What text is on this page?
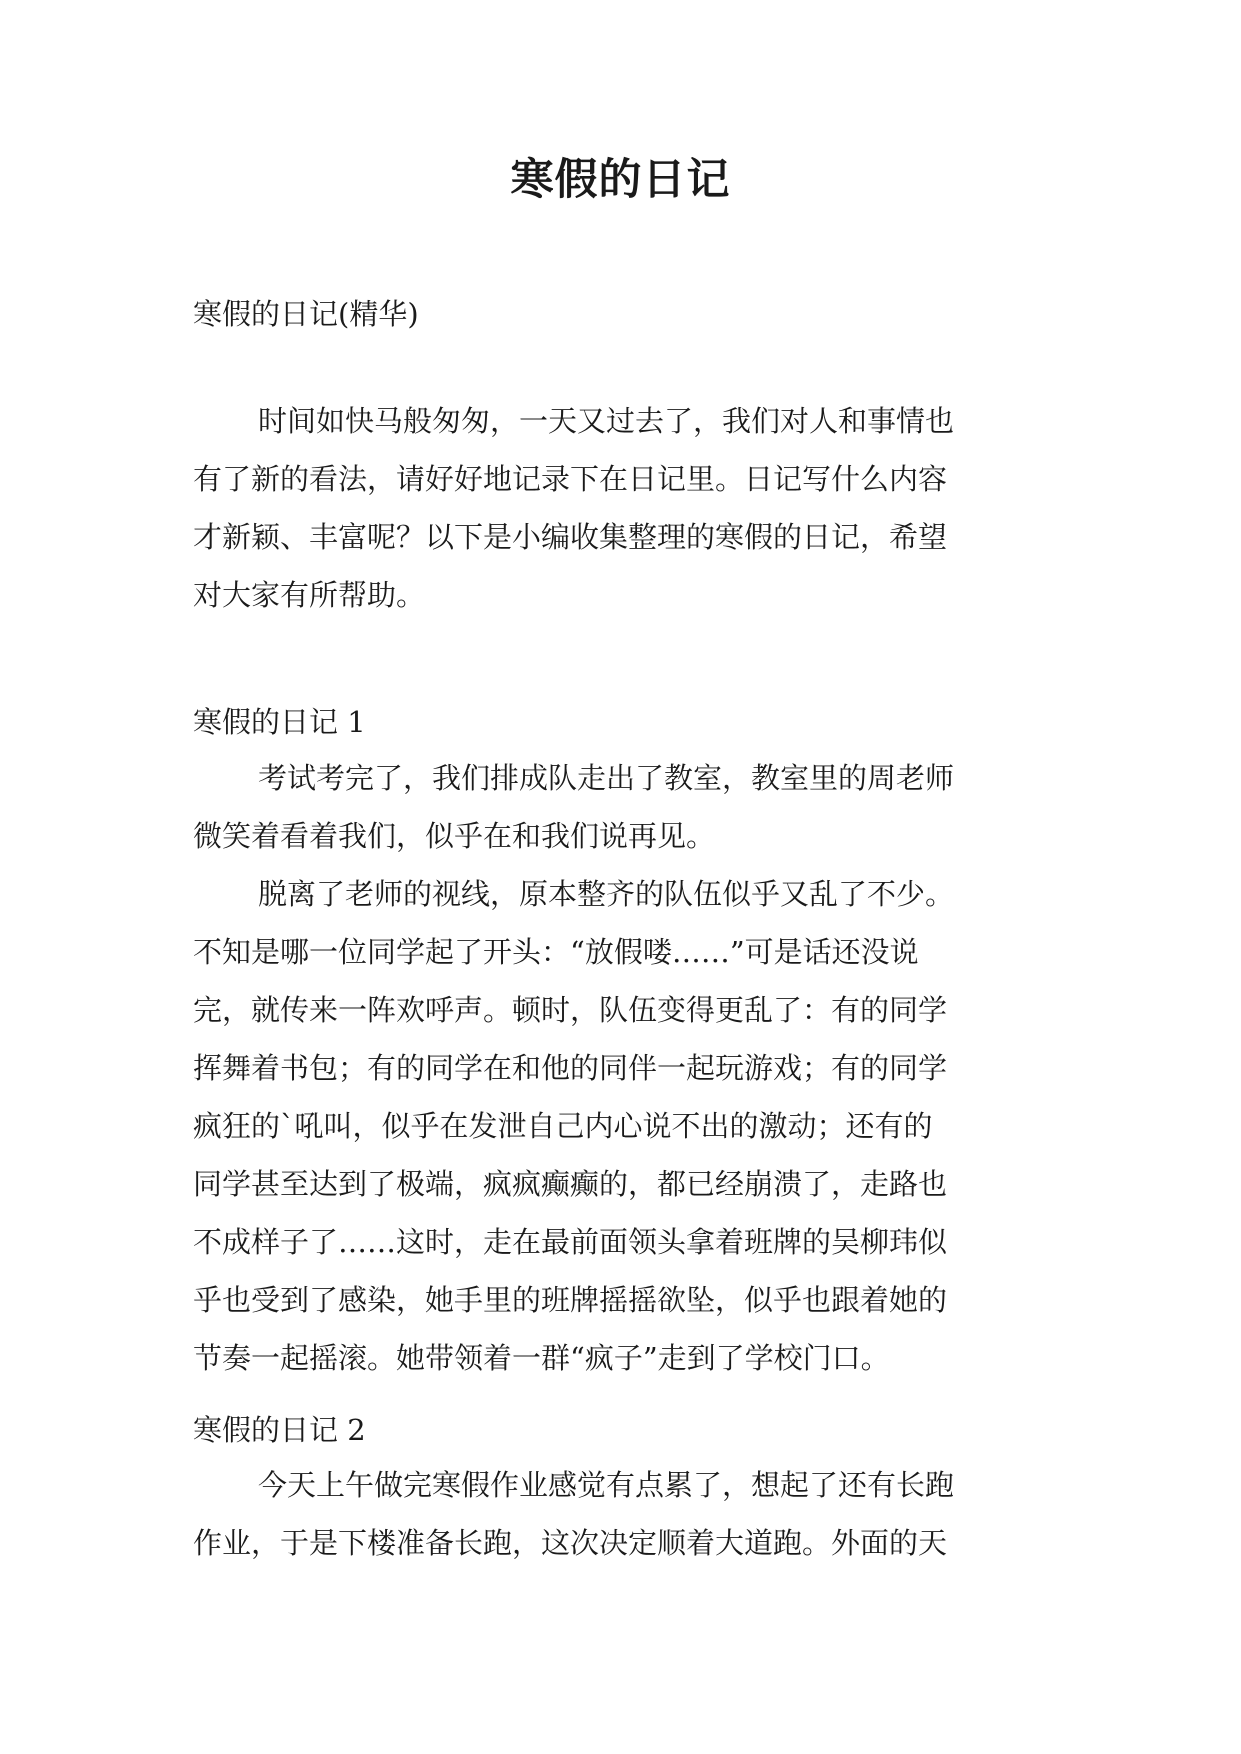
寒假的日记

寒假的日记(精华)

时间如快马般匆匆，一天又过去了，我们对人和事情也
有了新的看法，请好好地记录下在日记里。日记写什么内容
才新颖、丰富呢？以下是小编收集整理的寒假的日记，希望
对大家有所帮助。

寒假的日记 1

考试考完了，我们排成队走出了教室，教室里的周老师
微笑着看着我们，似乎在和我们说再见。

脱离了老师的视线，原本整齐的队伍似乎又乱了不少。
不知是哪一位同学起了开头：“放假喽……”可是话还没说
完，就传来一阵欢呼声。顿时，队伍变得更乱了：有的同学
挥舞着书包；有的同学在和他的同伴一起玩游戏；有的同学
疯狂的`吼叫，似乎在发泄自己内心说不出的激动；还有的
同学甚至达到了极端，疯疯癫癫的，都已经崩溃了，走路也
不成样子了……这时，走在最前面领头拿着班牌的吴柳玮似
乎也受到了感染，她手里的班牌摇摇欲坠，似乎也跟着她的
节奏一起摇滚。她带领着一群“疯子”走到了学校门口。

寒假的日记 2

今天上午做完寒假作业感觉有点累了，想起了还有长跑
作业，于是下楼准备长跑，这次决定顺着大道跑。外面的天
